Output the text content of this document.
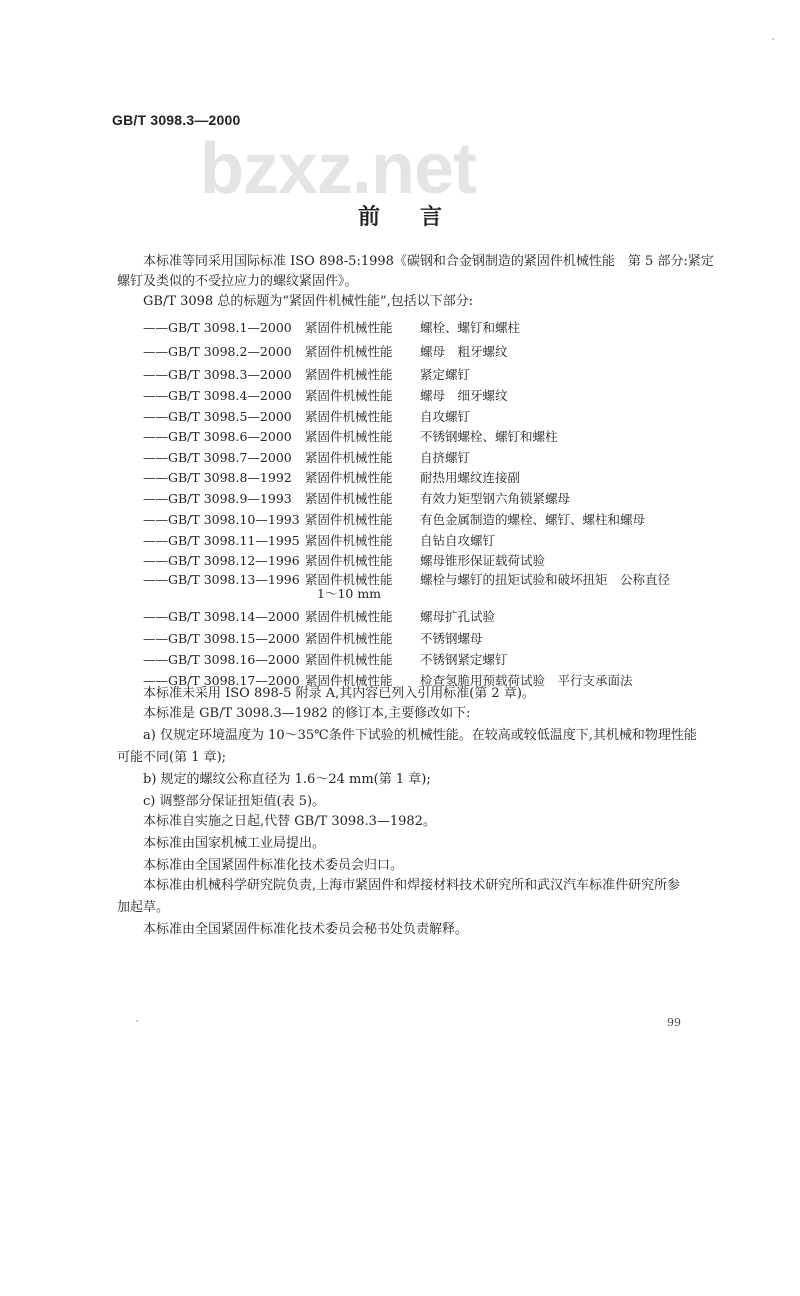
GB/T 3098.3—2000
bzxz.net
前言
本标准等同采用国际标准 ISO 898-5:1998《碳钢和合金钢制造的紧固件机械性能　第 5 部分:紧定螺钉及类似的不受拉应力的螺纹紧固件》。
GB/T 3098 总的标题为“紧固件机械性能”,包括以下部分:
——GB/T 3098.1—2000 紧固件机械性能 螺栓、螺钉和螺柱
——GB/T 3098.2—2000 紧固件机械性能 螺母　粗牙螺纹
——GB/T 3098.3—2000 紧固件机械性能 紧定螺钉
——GB/T 3098.4—2000 紧固件机械性能 螺母　细牙螺纹
——GB/T 3098.5—2000 紧固件机械性能 自攻螺钉
——GB/T 3098.6—2000 紧固件机械性能 不锈钢螺栓、螺钉和螺柱
——GB/T 3098.7—2000 紧固件机械性能 自挤螺钉
——GB/T 3098.8—1992 紧固件机械性能 耐热用螺纹连接副
——GB/T 3098.9—1993 紧固件机械性能 有效力矩型钢六角锁紧螺母
——GB/T 3098.10—1993 紧固件机械性能 有色金属制造的螺栓、螺钉、螺柱和螺母
——GB/T 3098.11—1995 紧固件机械性能 自钻自攻螺钉
——GB/T 3098.12—1996 紧固件机械性能 螺母锥形保证载荷试验
——GB/T 3098.13—1996 紧固件机械性能 螺栓与螺钉的扭矩试验和破坏扭矩　公称直径
——GB/T 3098.14—2000 紧固件机械性能 螺母扩孔试验
——GB/T 3098.15—2000 紧固件机械性能 不锈钢螺母
——GB/T 3098.16—2000 紧固件机械性能 不锈钢紧定螺钉
——GB/T 3098.17—2000 紧固件机械性能 检查氢脆用预载荷试验　平行支承面法
1～10 mm
本标准未采用 ISO 898-5 附录 A,其内容已列入引用标准(第 2 章)。
本标准是 GB/T 3098.3—1982 的修订本,主要修改如下:
a) 仅规定环境温度为 10～35℃条件下试验的机械性能。在较高或较低温度下,其机械和物理性能
可能不同(第 1 章);
b) 规定的螺纹公称直径为 1.6～24 mm(第 1 章);
c) 调整部分保证扭矩值(表 5)。
本标准自实施之日起,代替 GB/T 3098.3—1982。
本标准由国家机械工业局提出。
本标准由全国紧固件标准化技术委员会归口。
本标准由机械科学研究院负责,上海市紧固件和焊接材料技术研究所和武汉汽车标准件研究所参
加起草。
本标准由全国紧固件标准化技术委员会秘书处负责解释。
99
